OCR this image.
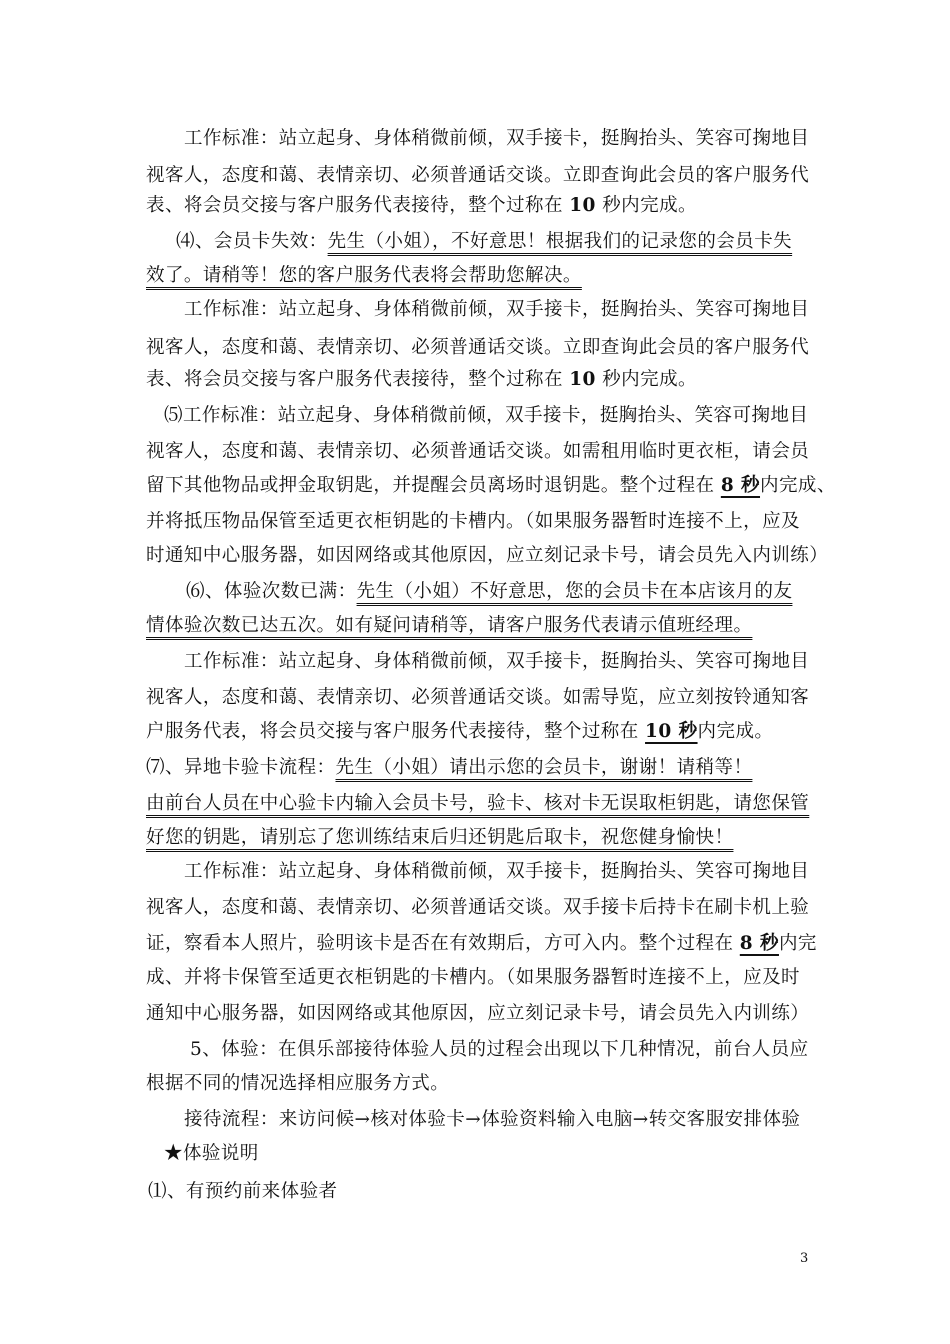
工作标准：站立起身、身体稍微前倾，双手接卡，挺胸抬头、笑容可掬地目
视客人，态度和蔼、表情亲切、必须普通话交谈。立即查询此会员的客户服务代
表、将会员交接与客户服务代表接待，整个过称在 10 秒内完成。
⑷、会员卡失效：先生（小姐），不好意思！根据我们的记录您的会员卡失
效了。请稍等！您的客户服务代表将会帮助您解决。
工作标准：站立起身、身体稍微前倾，双手接卡，挺胸抬头、笑容可掬地目
视客人，态度和蔼、表情亲切、必须普通话交谈。立即查询此会员的客户服务代
表、将会员交接与客户服务代表接待，整个过称在 10 秒内完成。
⑸工作标准：站立起身、身体稍微前倾，双手接卡，挺胸抬头、笑容可掬地目
视客人，态度和蔼、表情亲切、必须普通话交谈。如需租用临时更衣柜，请会员
留下其他物品或押金取钥匙，并提醒会员离场时退钥匙。整个过程在 8 秒内完成、
并将抵压物品保管至适更衣柜钥匙的卡槽内。（如果服务器暂时连接不上，应及
时通知中心服务器，如因网络或其他原因，应立刻记录卡号，请会员先入内训练）
⑹、体验次数已满：先生（小姐）不好意思，您的会员卡在本店该月的友
情体验次数已达五次。如有疑问请稍等，请客户服务代表请示值班经理。
工作标准：站立起身、身体稍微前倾，双手接卡，挺胸抬头、笑容可掬地目
视客人，态度和蔼、表情亲切、必须普通话交谈。如需导览，应立刻按铃通知客
户服务代表，将会员交接与客户服务代表接待，整个过称在 10 秒内完成。
⑺、异地卡验卡流程：先生（小姐）请出示您的会员卡，谢谢！请稍等！
由前台人员在中心验卡内输入会员卡号，验卡、核对卡无误取柜钥匙，请您保管
好您的钥匙，请别忘了您训练结束后归还钥匙后取卡，祝您健身愉快！
工作标准：站立起身、身体稍微前倾，双手接卡，挺胸抬头、笑容可掬地目
视客人，态度和蔼、表情亲切、必须普通话交谈。双手接卡后持卡在刷卡机上验
证，察看本人照片，验明该卡是否在有效期后，方可入内。整个过程在 8 秒内完
成、并将卡保管至适更衣柜钥匙的卡槽内。（如果服务器暂时连接不上，应及时
通知中心服务器，如因网络或其他原因，应立刻记录卡号，请会员先入内训练）
5、体验：在俱乐部接待体验人员的过程会出现以下几种情况，前台人员应
根据不同的情况选择相应服务方式。
接待流程：来访问候→核对体验卡→体验资料输入电脑→转交客服安排体验
★体验说明
⑴、有预约前来体验者
3
